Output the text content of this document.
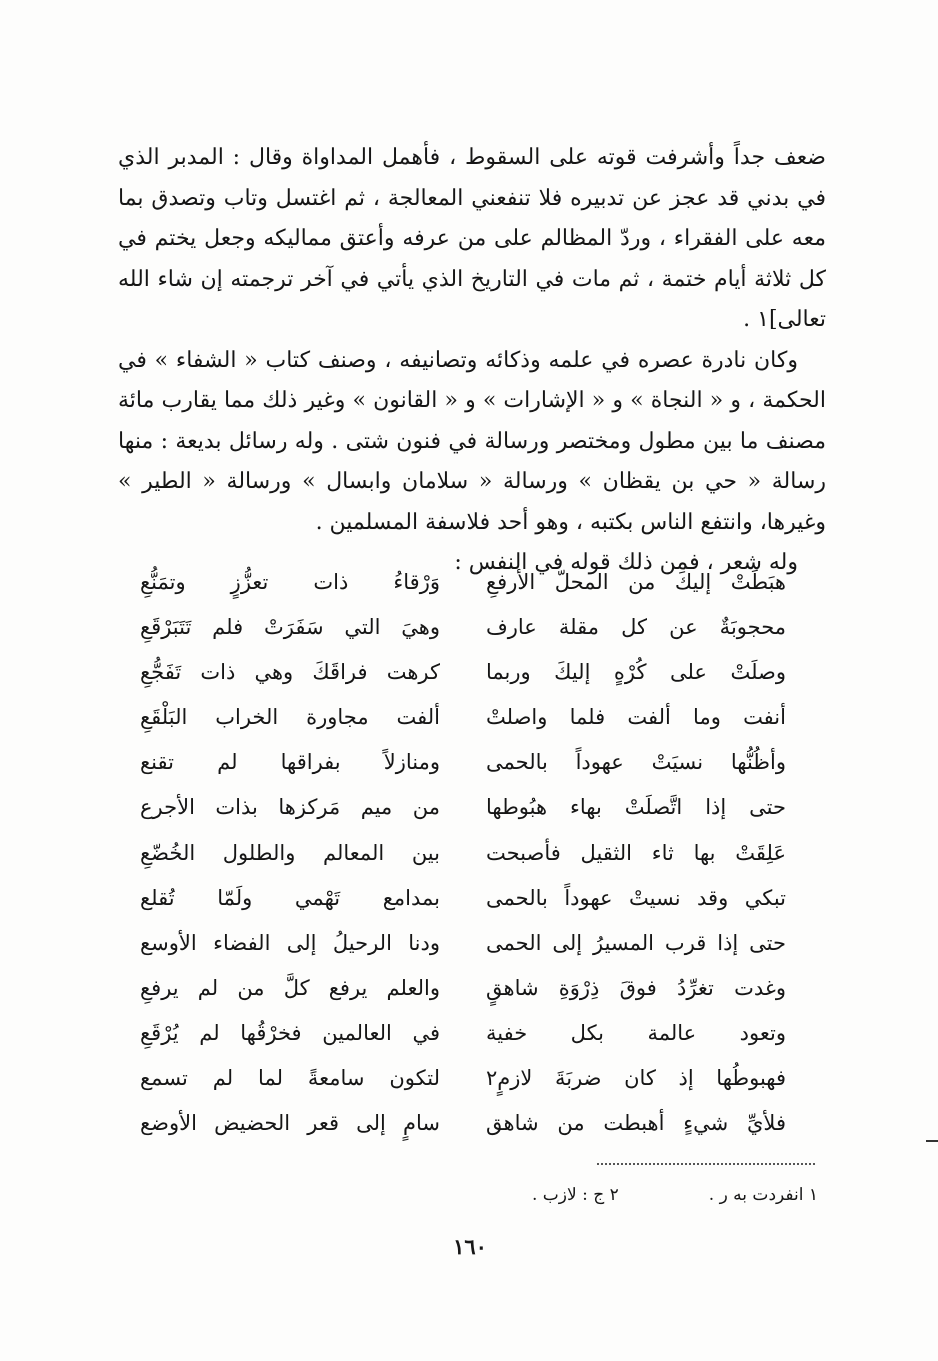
ضعف جداً وأشرفت قوته على السقوط ، فأهمل المداواة وقال : المدبر الذي في بدني قد عجز عن تدبيره فلا تنفعني المعالجة ، ثم اغتسل وتاب وتصدق بما معه على الفقراء ، وردّ المظالم على من عرفه وأعتق مماليكه وجعل يختم في كل ثلاثة أيام ختمة ، ثم مات في التاريخ الذي يأتي في آخر ترجمته إن شاء الله تعالى]١ .

وكان نادرة عصره في علمه وذكائه وتصانيفه ، وصنف كتاب « الشفاء » في الحكمة ، و « النجاة » و « الإشارات » و « القانون » وغير ذلك مما يقارب مائة مصنف ما بين مطول ومختصر ورسالة في فنون شتى . وله رسائل بديعة : منها رسالة « حي بن يقظان » ورسالة « سلامان وابسال » ورسالة « الطير » وغيرها، وانتفع الناس بكتبه ، وهو أحد فلاسفة المسلمين .

وله شعر ، فمن ذلك قوله في النفس :

هبَطَتْ إليكَ من المحلّ الأرفعِ
وَرْقاءُ ذات تعزُّزٍ وتمَنُّعِ
محجوبَةٌ عن كل مقلة عارف
وهيَ التي سَفَرَتْ فلم تَتَبَرْقَعِ
وصلَتْ على كُرْهٍ إليكَ وربما
كرهت فراقَكَ وهي ذات تَفَجُّعِ
أنفت وما ألفت فلما واصلتْ
ألفت مجاورة الخراب البَلْقَعِ
وأظُنُّها نسيَتْ عهوداً بالحمى
ومنازلاً بفراقها لم تقنع
حتى إذا اتَّصلَتْ بهاء هبُوطها
من ميم مَركزها بذات الأجرع
عَلِقَتْ بها ثاء الثقيل فأصبحت
بين المعالم والطلول الخُضّعِ
تبكي وقد نسيتْ عهوداً بالحمى
بمدامع تَهْمي ولَمّا تُقلع
حتى إذا قرب المسيرُ إلى الحمى
ودنا الرحيلُ إلى الفضاء الأوسع
وغدت تغرِّدُ فوقَ ذِرْوَةِ شاهقٍ
والعلم يرفع كلَّ من لم يرفعِ
وتعود عالمة بكل خفية
في العالمين فخرْقُها لم يُرْقَعِ
فهبوطُها إذ كان ضربَةَ لازمٍ٢
لتكون سامعةً لما لم تسمع
فلأيِّ شيءٍ أهبطت من شاهق
سامٍ إلى قعر الحضيض الأوضع
١ انفردت به ر .
٢ ج : لازب .
١٦٠
